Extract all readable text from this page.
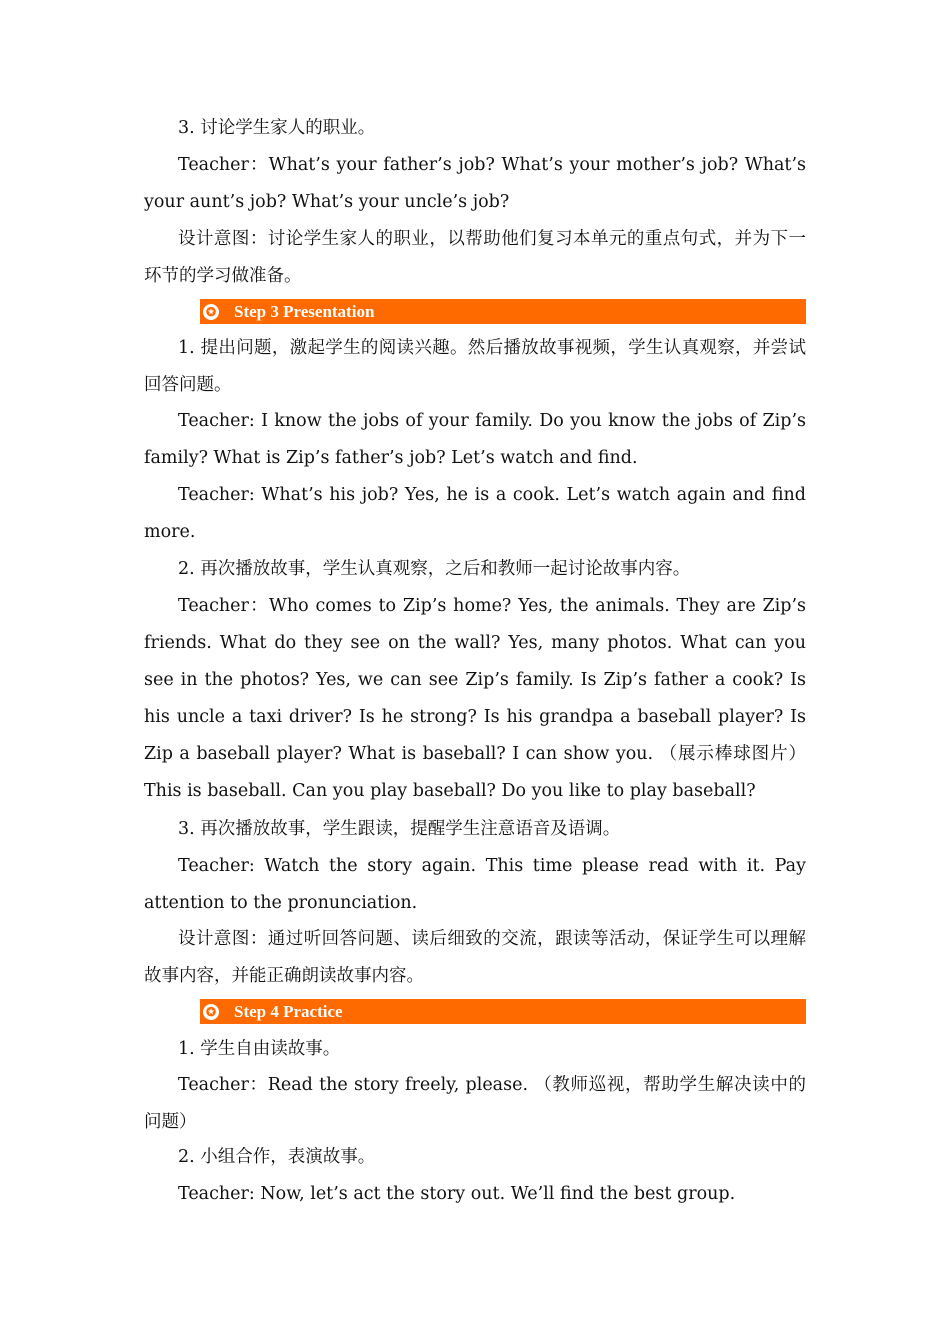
3. 讨论学生家人的职业。

Teacher：What’s your father’s job? What’s your mother’s job? What’s your aunt’s job? What’s your uncle’s job?

设计意图：讨论学生家人的职业，以帮助他们复习本单元的重点句式，并为下一环节的学习做准备。

✪ Step 3 Presentation

1. 提出问题，激起学生的阅读兴趣。然后播放故事视频，学生认真观察，并尝试回答问题。

Teacher: I know the jobs of your family. Do you know the jobs of Zip’s family? What is Zip’s father’s job? Let’s watch and find.

Teacher: What’s his job? Yes, he is a cook. Let’s watch again and find more.

2. 再次播放故事，学生认真观察，之后和教师一起讨论故事内容。

Teacher：Who comes to Zip’s home? Yes, the animals. They are Zip’s friends. What do they see on the wall? Yes, many photos. What can you see in the photos? Yes, we can see Zip’s family. Is Zip’s father a cook? Is his uncle a taxi driver? Is he strong? Is his grandpa a baseball player? Is Zip a baseball player? What is baseball? I can show you. （展示棒球图片）This is baseball. Can you play baseball? Do you like to play baseball?

3. 再次播放故事，学生跟读，提醒学生注意语音及语调。

Teacher: Watch the story again. This time please read with it. Pay attention to the pronunciation.

设计意图：通过听回答问题、读后细致的交流，跟读等活动，保证学生可以理解故事内容，并能正确朗读故事内容。

✪ Step 4 Practice

1. 学生自由读故事。

Teacher：Read the story freely, please. （教师巡视，帮助学生解决读中的问题）

2. 小组合作，表演故事。

Teacher: Now, let’s act the story out. We’ll find the best group.
